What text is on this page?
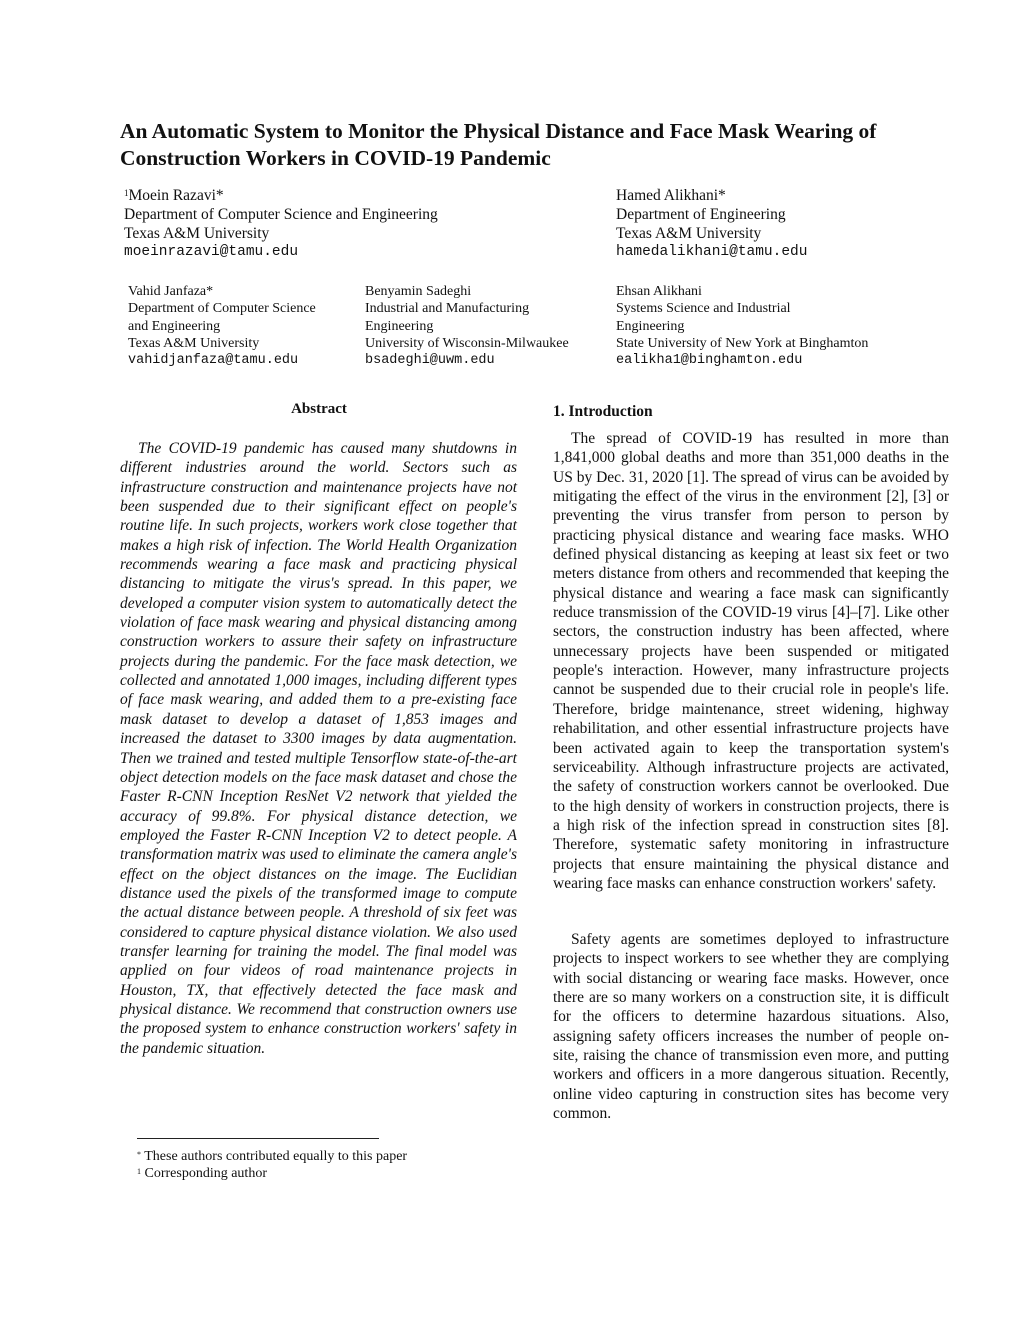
An Automatic System to Monitor the Physical Distance and Face Mask Wearing of Construction Workers in COVID-19 Pandemic
$^1$Moein Razavi*
Department of Computer Science and Engineering
Texas A&M University
moeinrazavi@tamu.edu
Hamed Alikhani*
Department of Engineering
Texas A&M University
hamedalikhani@tamu.edu
Vahid Janfaza*
Department of Computer Science
and Engineering
Texas A&M University
vahidjanfaza@tamu.edu
Benyamin Sadeghi
Industrial and Manufacturing
Engineering
University of Wisconsin-Milwaukee
bsadeghi@uwm.edu
Ehsan Alikhani
Systems Science and Industrial
Engineering
State University of New York at Binghamton
ealikha1@binghamton.edu
Abstract

The COVID-19 pandemic has caused many shutdowns in different industries around the world. Sectors such as infrastructure construction and maintenance projects have not been suspended due to their significant effect on people's routine life. In such projects, workers work close together that makes a high risk of infection. The World Health Organization recommends wearing a face mask and practicing physical distancing to mitigate the virus's spread. In this paper, we developed a computer vision system to automatically detect the violation of face mask wearing and physical distancing among construction workers to assure their safety on infrastructure projects during the pandemic. For the face mask detection, we collected and annotated 1,000 images, including different types of face mask wearing, and added them to a pre-existing face mask dataset to develop a dataset of 1,853 images and increased the dataset to 3300 images by data augmentation. Then we trained and tested multiple Tensorflow state-of-the-art object detection models on the face mask dataset and chose the Faster R-CNN Inception ResNet V2 network that yielded the accuracy of 99.8%. For physical distance detection, we employed the Faster R-CNN Inception V2 to detect people. A transformation matrix was used to eliminate the camera angle's effect on the object distances on the image. The Euclidian distance used the pixels of the transformed image to compute the actual distance between people. A threshold of six feet was considered to capture physical distance violation. We also used transfer learning for training the model. The final model was applied on four videos of road maintenance projects in Houston, TX, that effectively detected the face mask and physical distance. We recommend that construction owners use the proposed system to enhance construction workers' safety in the pandemic situation.

1. Introduction

The spread of COVID-19 has resulted in more than 1,841,000 global deaths and more than 351,000 deaths in the US by Dec. 31, 2020 [1]. The spread of virus can be avoided by mitigating the effect of the virus in the environment [2], [3] or preventing the virus transfer from person to person by practicing physical distance and wearing face masks. WHO defined physical distancing as keeping at least six feet or two meters distance from others and recommended that keeping the physical distance and wearing a face mask can significantly reduce transmission of the COVID-19 virus [4]–[7]. Like other sectors, the construction industry has been affected, where unnecessary projects have been suspended or mitigated people's interaction. However, many infrastructure projects cannot be suspended due to their crucial role in people's life. Therefore, bridge maintenance, street widening, highway rehabilitation, and other essential infrastructure projects have been activated again to keep the transportation system's serviceability. Although infrastructure projects are activated, the safety of construction workers cannot be overlooked. Due to the high density of workers in construction projects, there is a high risk of the infection spread in construction sites [8]. Therefore, systematic safety monitoring in infrastructure projects that ensure maintaining the physical distance and wearing face masks can enhance construction workers' safety.

Safety agents are sometimes deployed to infrastructure projects to inspect workers to see whether they are complying with social distancing or wearing face masks. However, once there are so many workers on a construction site, it is difficult for the officers to determine hazardous situations. Also, assigning safety officers increases the number of people on-site, raising the chance of transmission even more, and putting workers and officers in a more dangerous situation. Recently, online video capturing in construction sites has become very common.

* These authors contributed equally to this paper
$^1$ Corresponding author
